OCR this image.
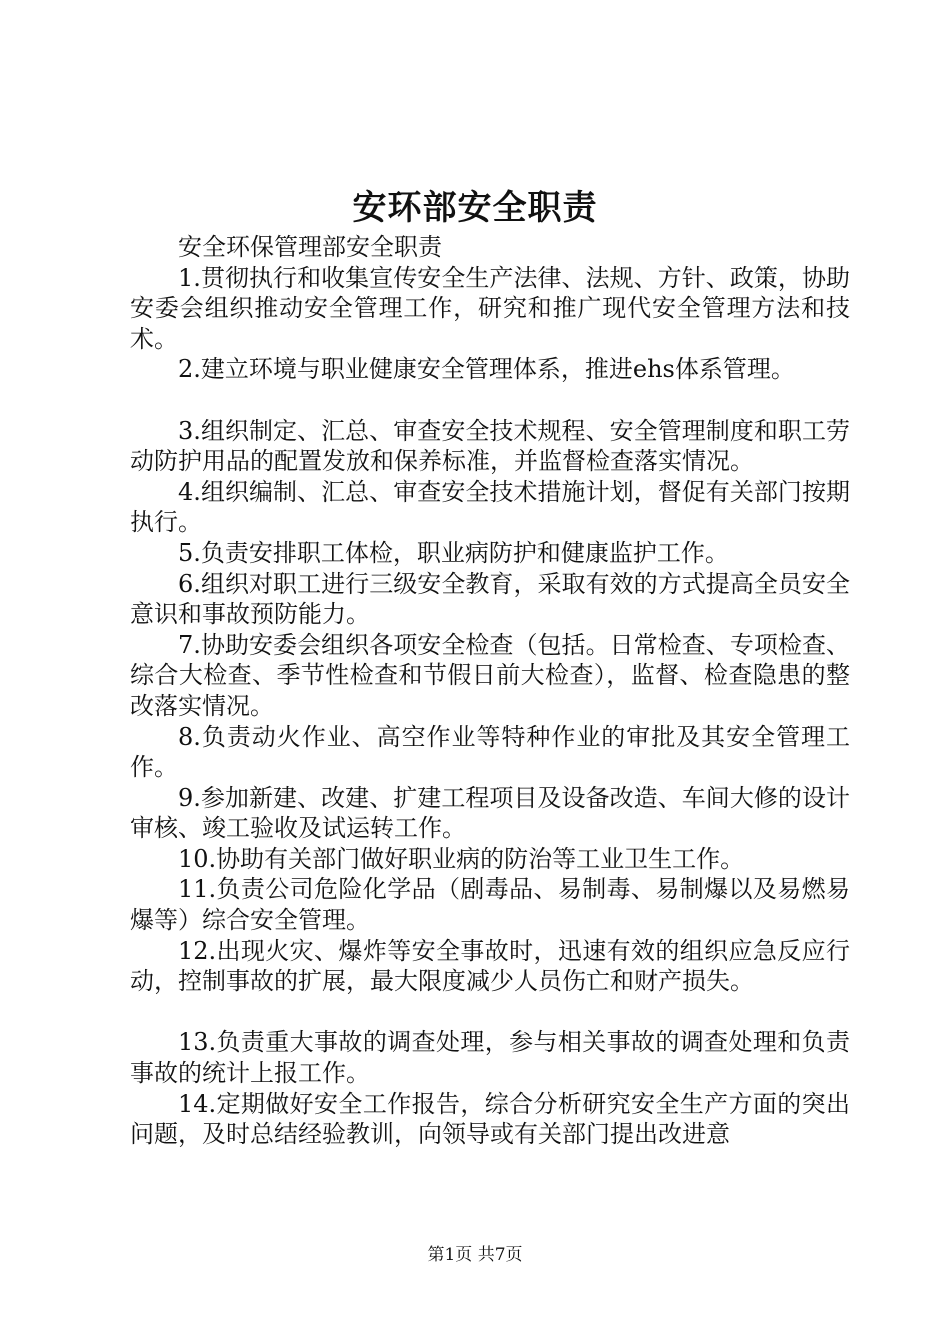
安环部安全职责

安全环保管理部安全职责

1.贯彻执行和收集宣传安全生产法律、法规、方针、政策，协助安委会组织推动安全管理工作，研究和推广现代安全管理方法和技术。

2.建立环境与职业健康安全管理体系，推进ehs体系管理。

3.组织制定、汇总、审查安全技术规程、安全管理制度和职工劳动防护用品的配置发放和保养标准，并监督检查落实情况。

4.组织编制、汇总、审查安全技术措施计划，督促有关部门按期执行。

5.负责安排职工体检，职业病防护和健康监护工作。

6.组织对职工进行三级安全教育，采取有效的方式提高全员安全意识和事故预防能力。

7.协助安委会组织各项安全检查（包括。日常检查、专项检查、综合大检查、季节性检查和节假日前大检查），监督、检查隐患的整改落实情况。

8.负责动火作业、高空作业等特种作业的审批及其安全管理工作。

9.参加新建、改建、扩建工程项目及设备改造、车间大修的设计审核、竣工验收及试运转工作。

10.协助有关部门做好职业病的防治等工业卫生工作。

11.负责公司危险化学品（剧毒品、易制毒、易制爆以及易燃易爆等）综合安全管理。

12.出现火灾、爆炸等安全事故时，迅速有效的组织应急反应行动，控制事故的扩展，最大限度减少人员伤亡和财产损失。

13.负责重大事故的调查处理，参与相关事故的调查处理和负责事故的统计上报工作。

14.定期做好安全工作报告，综合分析研究安全生产方面的突出问题，及时总结经验教训，向领导或有关部门提出改进意

第1页 共7页
